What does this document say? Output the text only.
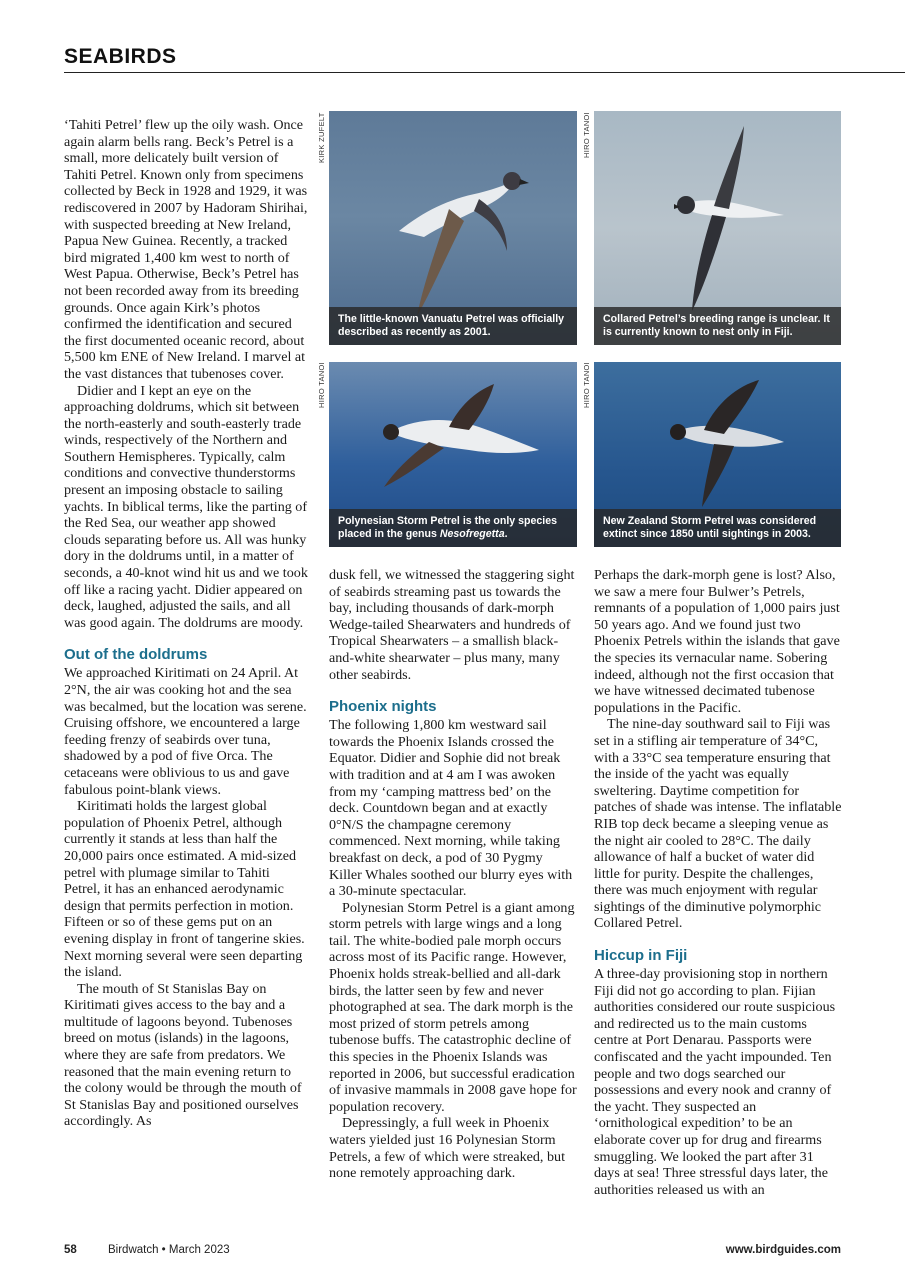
SEABIRDS

‘Tahiti Petrel’ flew up the oily wash. Once again alarm bells rang. Beck’s Petrel is a small, more delicately built version of Tahiti Petrel. Known only from specimens collected by Beck in 1928 and 1929, it was rediscovered in 2007 by Hadoram Shirihai, with suspected breeding at New Ireland, Papua New Guinea. Recently, a tracked bird migrated 1,400 km west to north of West Papua. Otherwise, Beck’s Petrel has not been recorded away from its breeding grounds. Once again Kirk’s photos confirmed the identification and secured the first documented oceanic record, about 5,500 km ENE of New Ireland. I marvel at the vast distances that tubenoses cover.

Didier and I kept an eye on the approaching doldrums, which sit between the north-easterly and south-easterly trade winds, respectively of the Northern and Southern Hemispheres. Typically, calm conditions and convective thunderstorms present an imposing obstacle to sailing yachts. In biblical terms, like the parting of the Red Sea, our weather app showed clouds separating before us. All was hunky dory in the doldrums until, in a matter of seconds, a 40-knot wind hit us and we took off like a racing yacht. Didier appeared on deck, laughed, adjusted the sails, and all was good again. The doldrums are moody.

Out of the doldrums

We approached Kiritimati on 24 April. At 2°N, the air was cooking hot and the sea was becalmed, but the location was serene. Cruising offshore, we encountered a large feeding frenzy of seabirds over tuna, shadowed by a pod of five Orca. The cetaceans were oblivious to us and gave fabulous point-blank views.

Kiritimati holds the largest global population of Phoenix Petrel, although currently it stands at less than half the 20,000 pairs once estimated. A mid-sized petrel with plumage similar to Tahiti Petrel, it has an enhanced aerodynamic design that permits perfection in motion. Fifteen or so of these gems put on an evening display in front of tangerine skies. Next morning several were seen departing the island.

The mouth of St Stanislas Bay on Kiritimati gives access to the bay and a multitude of lagoons beyond. Tubenoses breed on motus (islands) in the lagoons, where they are safe from predators. We reasoned that the main evening return to the colony would be through the mouth of St Stanislas Bay and positioned ourselves accordingly. As

KIRK ZUFELT
The little-known Vanuatu Petrel was officially described as recently as 2001.
HIRO TANOI
Collared Petrel’s breeding range is unclear. It is currently known to nest only in Fiji.
HIRO TANOI
Polynesian Storm Petrel is the only species placed in the genus Nesofregetta.
HIRO TANOI
New Zealand Storm Petrel was considered extinct since 1850 until sightings in 2003.

dusk fell, we witnessed the staggering sight of seabirds streaming past us towards the bay, including thousands of dark-morph Wedge-tailed Shearwaters and hundreds of Tropical Shearwaters – a smallish black-and-white shearwater – plus many, many other seabirds.

Phoenix nights

The following 1,800 km westward sail towards the Phoenix Islands crossed the Equator. Didier and Sophie did not break with tradition and at 4 am I was awoken from my ‘camping mattress bed’ on the deck. Countdown began and at exactly 0°N/S the champagne ceremony commenced. Next morning, while taking breakfast on deck, a pod of 30 Pygmy Killer Whales soothed our blurry eyes with a 30-minute spectacular.

Polynesian Storm Petrel is a giant among storm petrels with large wings and a long tail. The white-bodied pale morph occurs across most of its Pacific range. However, Phoenix holds streak-bellied and all-dark birds, the latter seen by few and never photographed at sea. The dark morph is the most prized of storm petrels among tubenose buffs. The catastrophic decline of this species in the Phoenix Islands was reported in 2006, but successful eradication of invasive mammals in 2008 gave hope for population recovery.

Depressingly, a full week in Phoenix waters yielded just 16 Polynesian Storm Petrels, a few of which were streaked, but none remotely approaching dark.

Perhaps the dark-morph gene is lost? Also, we saw a mere four Bulwer’s Petrels, remnants of a population of 1,000 pairs just 50 years ago. And we found just two Phoenix Petrels within the islands that gave the species its vernacular name. Sobering indeed, although not the first occasion that we have witnessed decimated tubenose populations in the Pacific.

The nine-day southward sail to Fiji was set in a stifling air temperature of 34°C, with a 33°C sea temperature ensuring that the inside of the yacht was equally sweltering. Daytime competition for patches of shade was intense. The inflatable RIB top deck became a sleeping venue as the night air cooled to 28°C. The daily allowance of half a bucket of water did little for purity. Despite the challenges, there was much enjoyment with regular sightings of the diminutive polymorphic Collared Petrel.

Hiccup in Fiji

A three-day provisioning stop in northern Fiji did not go according to plan. Fijian authorities considered our route suspicious and redirected us to the main customs centre at Port Denarau. Passports were confiscated and the yacht impounded. Ten people and two dogs searched our possessions and every nook and cranny of the yacht. They suspected an ‘ornithological expedition’ to be an elaborate cover up for drug and firearms smuggling. We looked the part after 31 days at sea! Three stressful days later, the authorities released us with an

58	Birdwatch • March 2023	www.birdguides.com
